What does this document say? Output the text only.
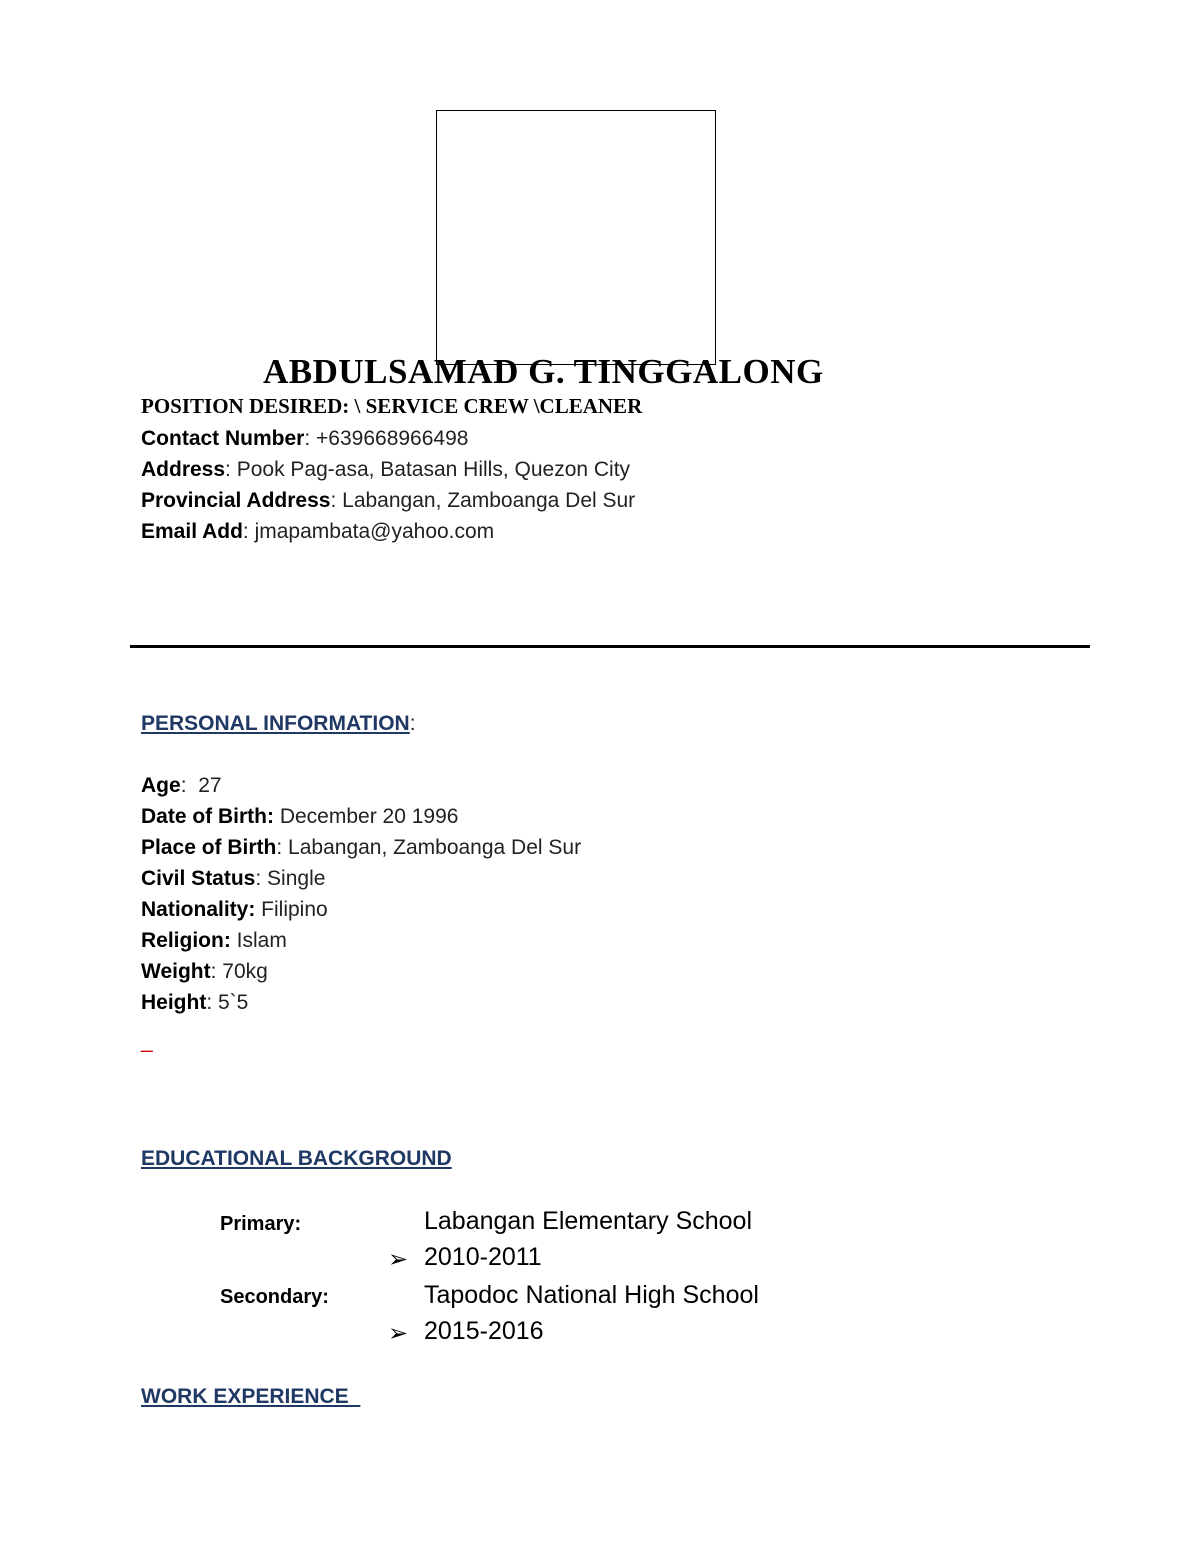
ABDULSAMAD G. TINGGALONG
POSITION DESIRED: \ SERVICE CREW \CLEANER
Contact Number: +639668966498
Address: Pook Pag-asa, Batasan Hills, Quezon City
Provincial Address: Labangan, Zamboanga Del Sur
Email Add: jmapambata@yahoo.com
PERSONAL INFORMATION:
Age:  27
Date of Birth: December 20 1996
Place of Birth: Labangan, Zamboanga Del Sur
Civil Status: Single
Nationality: Filipino
Religion: Islam
Weight: 70kg
Height: 5`5
_
EDUCATIONAL BACKGROUND
Primary:	Labangan Elementary School
➢ 2010-2011
Secondary:	Tapodoc National High School
➢ 2015-2016
WORK EXPERIENCE
